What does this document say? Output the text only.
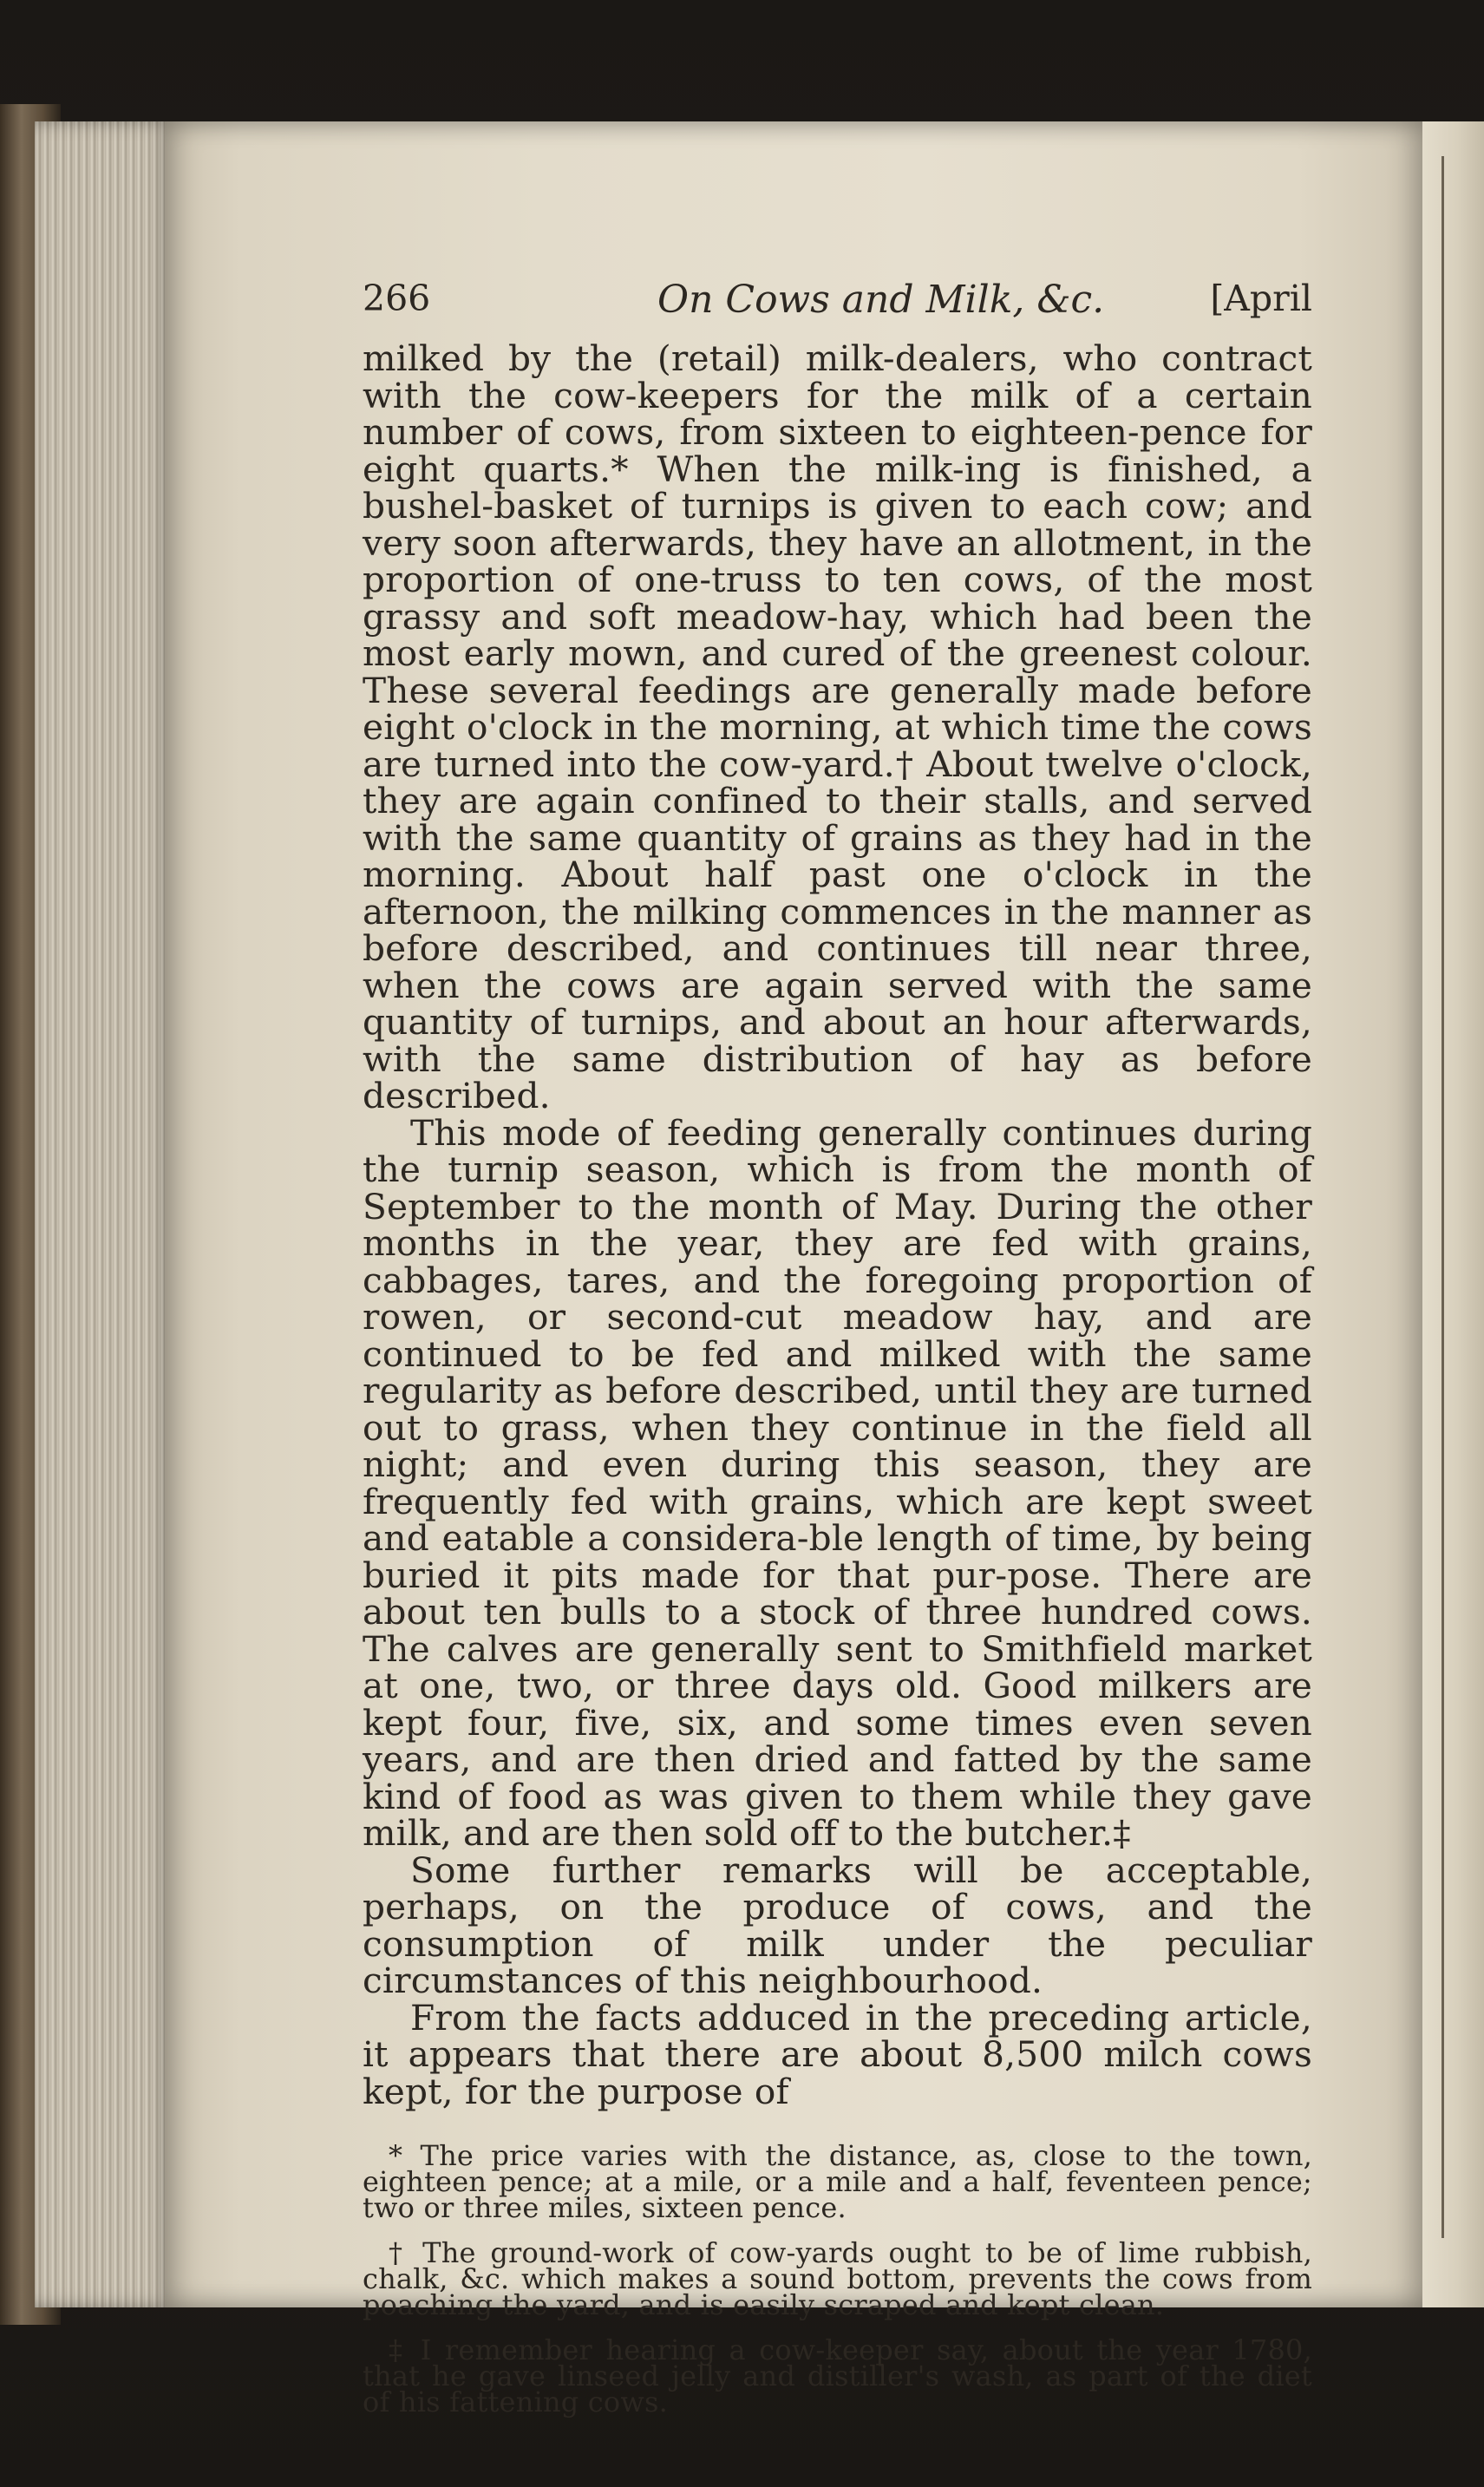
266	On Cows and Milk, &c.	[April

milked by the (retail) milk-dealers, who contract with the cow-keepers for the milk of a certain number of cows, from sixteen to eighteen-pence for eight quarts.* When the milk-ing is finished, a bushel-basket of turnips is given to each cow; and very soon afterwards, they have an allotment, in the proportion of one-truss to ten cows, of the most grassy and soft meadow-hay, which had been the most early mown, and cured of the greenest colour. These several feedings are generally made before eight o'clock in the morning, at which time the cows are turned into the cow-yard.† About twelve o'clock, they are again confined to their stalls, and served with the same quantity of grains as they had in the morning. About half past one o'clock in the afternoon, the milking commences in the manner as before described, and continues till near three, when the cows are again served with the same quantity of turnips, and about an hour afterwards, with the same distribution of hay as before described.

This mode of feeding generally continues during the turnip season, which is from the month of September to the month of May. During the other months in the year, they are fed with grains, cabbages, tares, and the foregoing proportion of rowen, or second-cut meadow hay, and are continued to be fed and milked with the same regularity as before described, until they are turned out to grass, when they continue in the field all night; and even during this season, they are frequently fed with grains, which are kept sweet and eatable a considera-ble length of time, by being buried it pits made for that pur-pose. There are about ten bulls to a stock of three hundred cows. The calves are generally sent to Smithfield market at one, two, or three days old. Good milkers are kept four, five, six, and some times even seven years, and are then dried and fatted by the same kind of food as was given to them while they gave milk, and are then sold off to the butcher.‡

Some further remarks will be acceptable, perhaps, on the produce of cows, and the consumption of milk under the peculiar circumstances of this neighbourhood.

From the facts adduced in the preceding article, it appears that there are about 8,500 milch cows kept, for the purpose of

* The price varies with the distance, as, close to the town, eighteen pence; at a mile, or a mile and a half, feventeen pence; two or three miles, sixteen pence.

† The ground-work of cow-yards ought to be of lime rubbish, chalk, &c. which makes a sound bottom, prevents the cows from poaching the yard, and is easily scraped and kept clean.

‡ I remember hearing a cow-keeper say, about the year 1780, that he gave linseed jelly and distiller's wash, as part of the diet of his fattening cows.
